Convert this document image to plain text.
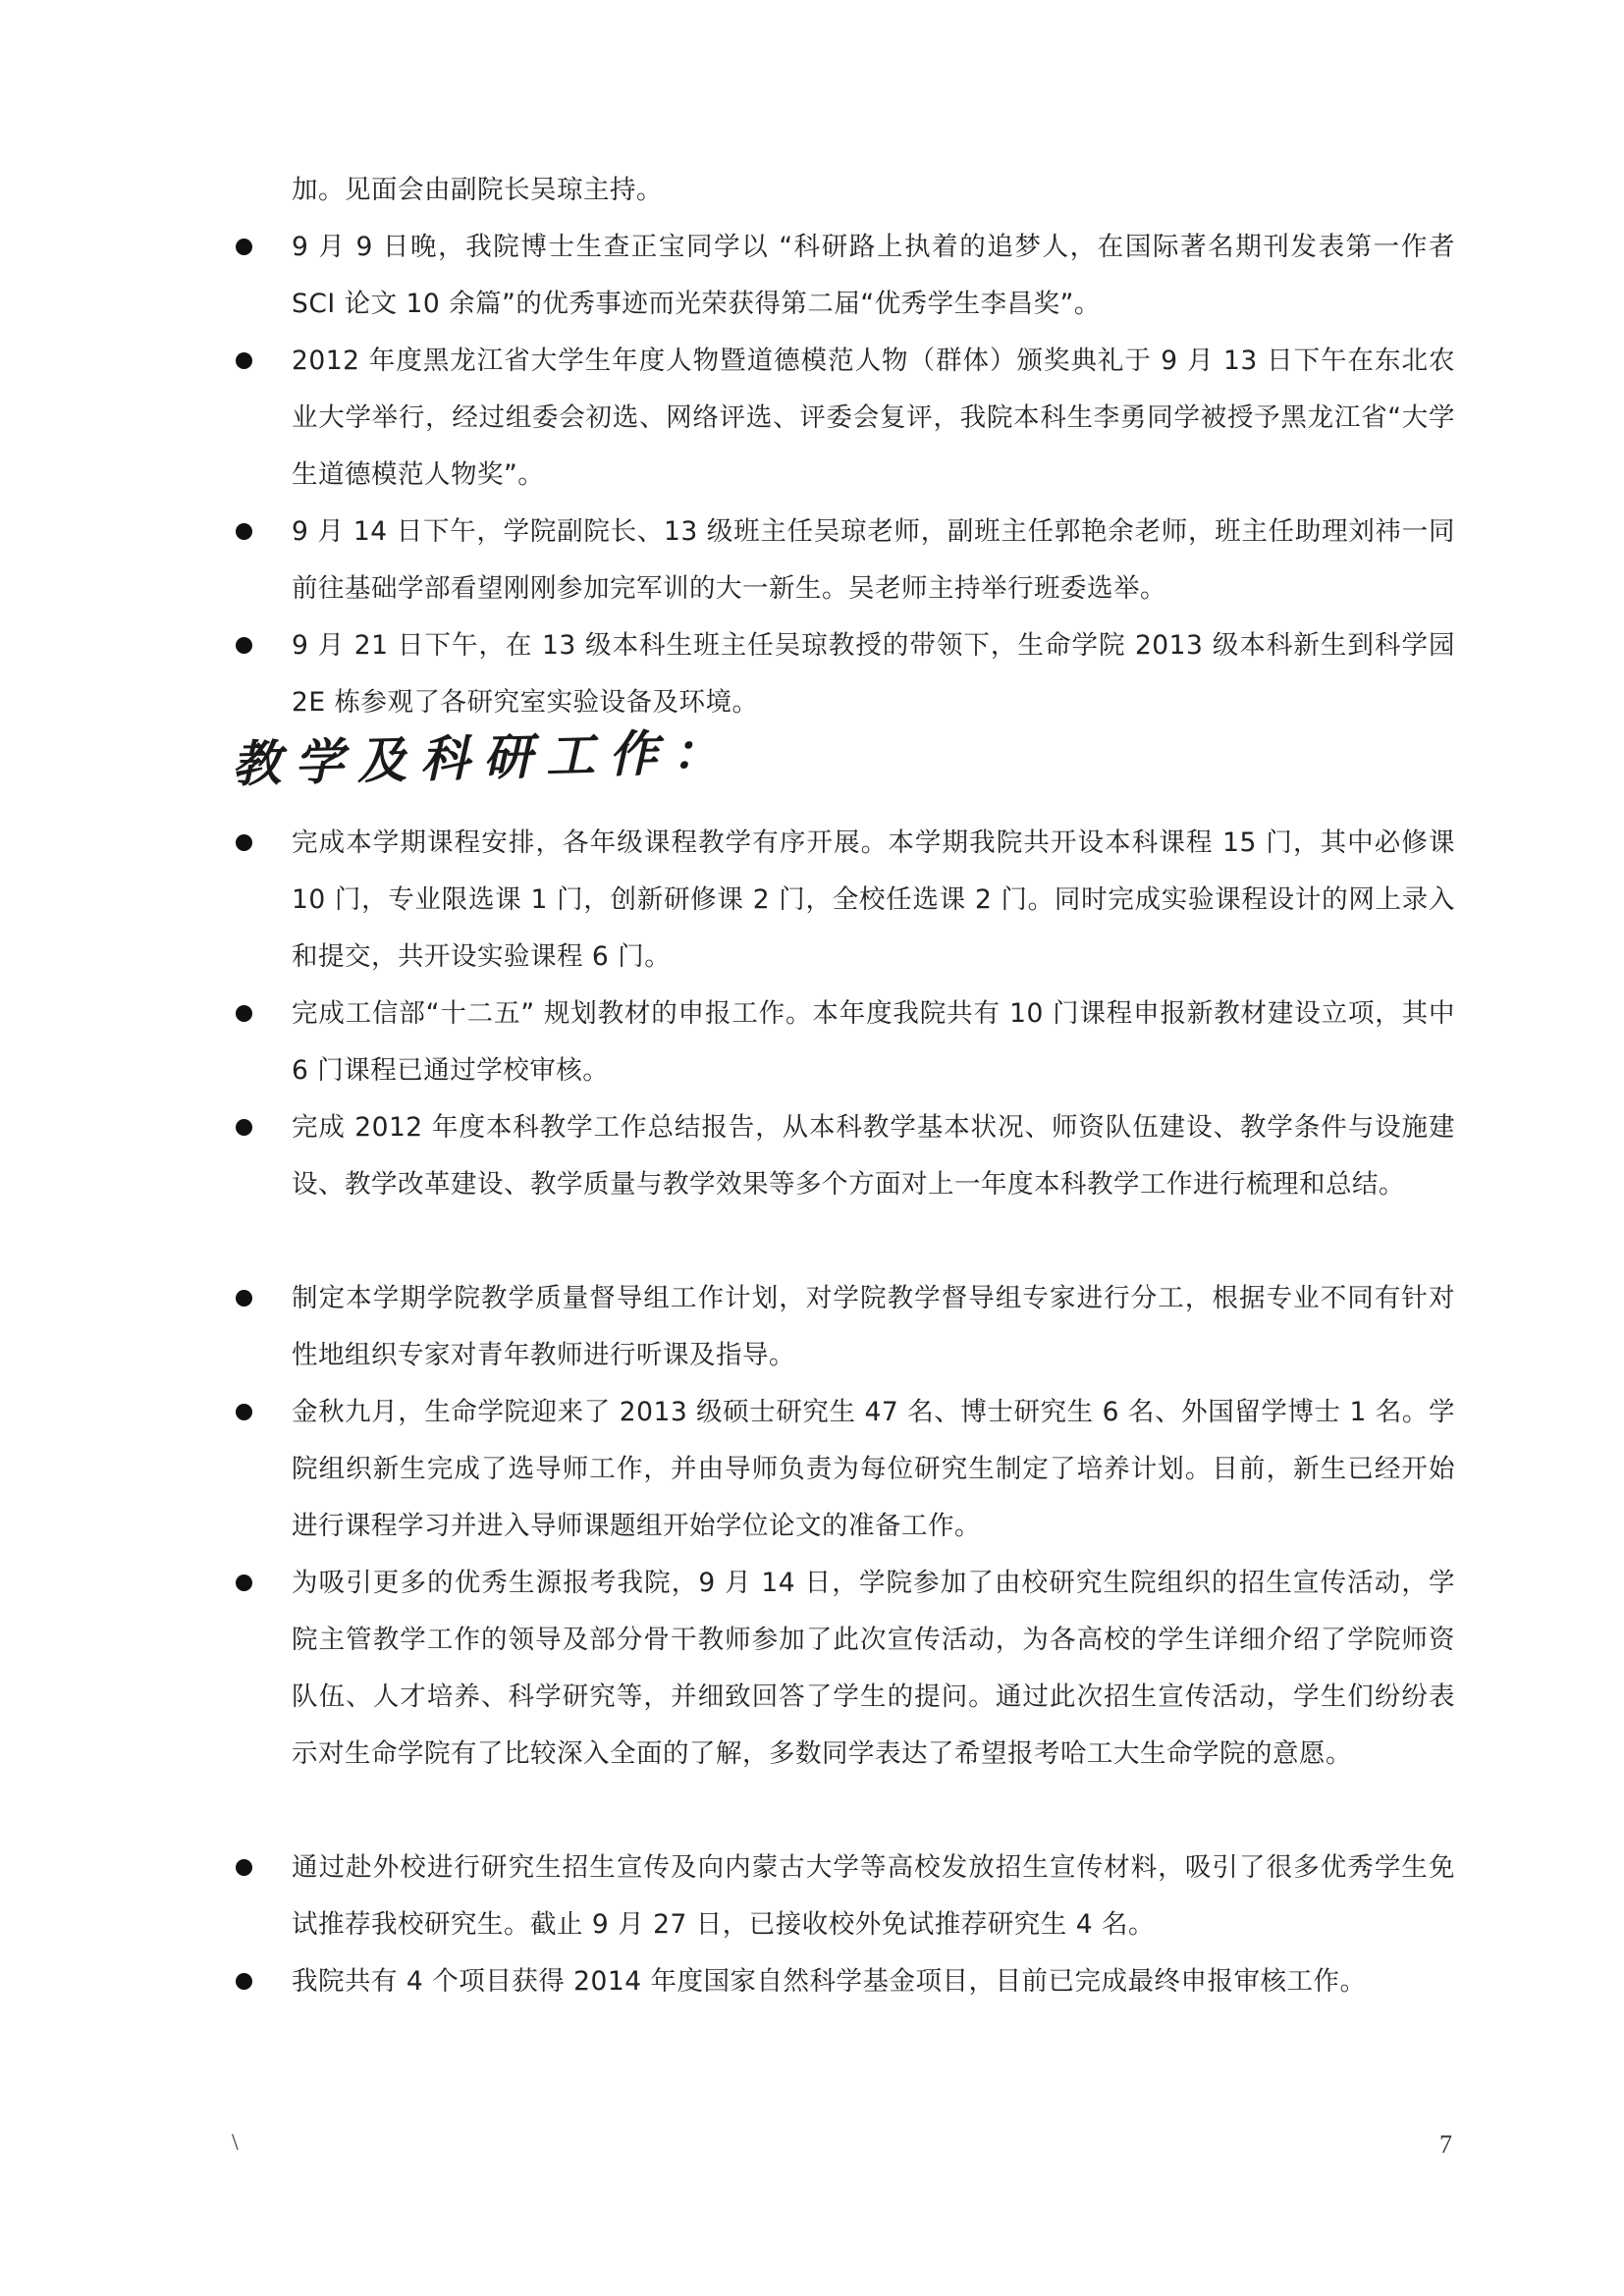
加。见面会由副院长吴琼主持。
9 月 9 日晚，我院博士生查正宝同学以 “科研路上执着的追梦人，在国际著名期刊发表第一作者 SCI 论文 10 余篇”的优秀事迹而光荣获得第二届“优秀学生李昌奖”。
2012 年度黑龙江省大学生年度人物暨道德模范人物（群体）颁奖典礼于 9 月 13 日下午在东北农业大学举行，经过组委会初选、网络评选、评委会复评，我院本科生李勇同学被授予黑龙江省“大学生道德模范人物奖”。
9 月 14 日下午，学院副院长、13 级班主任吴琼老师，副班主任郭艳余老师，班主任助理刘祎一同前往基础学部看望刚刚参加完军训的大一新生。吴老师主持举行班委选举。
9 月 21 日下午，在 13 级本科生班主任吴琼教授的带领下，生命学院 2013 级本科新生到科学园 2E 栋参观了各研究室实验设备及环境。
教学及科研工作：
完成本学期课程安排，各年级课程教学有序开展。本学期我院共开设本科课程 15 门，其中必修课 10 门，专业限选课 1 门，创新研修课 2 门，全校任选课 2 门。同时完成实验课程设计的网上录入和提交，共开设实验课程 6 门。
完成工信部“十二五” 规划教材的申报工作。本年度我院共有 10 门课程申报新教材建设立项，其中 6 门课程已通过学校审核。
完成 2012 年度本科教学工作总结报告，从本科教学基本状况、师资队伍建设、教学条件与设施建设、教学改革建设、教学质量与教学效果等多个方面对上一年度本科教学工作进行梳理和总结。
制定本学期学院教学质量督导组工作计划，对学院教学督导组专家进行分工，根据专业不同有针对性地组织专家对青年教师进行听课及指导。
金秋九月，生命学院迎来了 2013 级硕士研究生 47 名、博士研究生 6 名、外国留学博士 1 名。学院组织新生完成了选导师工作，并由导师负责为每位研究生制定了培养计划。目前，新生已经开始进行课程学习并进入导师课题组开始学位论文的准备工作。
为吸引更多的优秀生源报考我院，9 月 14 日，学院参加了由校研究生院组织的招生宣传活动，学院主管教学工作的领导及部分骨干教师参加了此次宣传活动，为各高校的学生详细介绍了学院师资队伍、人才培养、科学研究等，并细致回答了学生的提问。通过此次招生宣传活动，学生们纷纷表示对生命学院有了比较深入全面的了解，多数同学表达了希望报考哈工大生命学院的意愿。
通过赴外校进行研究生招生宣传及向内蒙古大学等高校发放招生宣传材料，吸引了很多优秀学生免试推荐我校研究生。截止 9 月 27 日，已接收校外免试推荐研究生 4 名。
我院共有 4 个项目获得 2014 年度国家自然科学基金项目，目前已完成最终申报审核工作。
\	7
